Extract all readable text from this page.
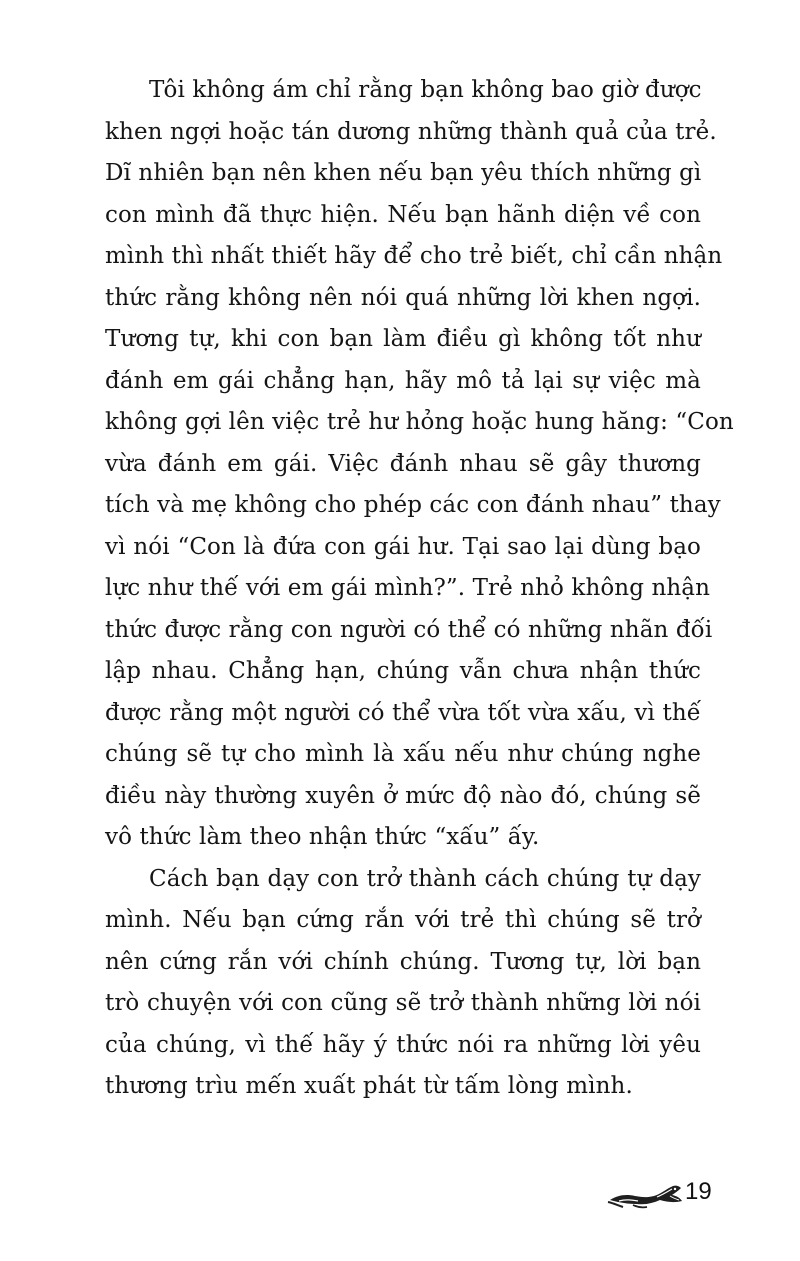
Tôi không ám chỉ rằng bạn không bao giờ được
khen ngợi hoặc tán dương những thành quả của trẻ.
Dĩ nhiên bạn nên khen nếu bạn yêu thích những gì
con mình đã thực hiện. Nếu bạn hãnh diện về con
mình thì nhất thiết hãy để cho trẻ biết, chỉ cần nhận
thức rằng không nên nói quá những lời khen ngợi.
Tương tự, khi con bạn làm điều gì không tốt như
đánh em gái chẳng hạn, hãy mô tả lại sự việc mà
không gợi lên việc trẻ hư hỏng hoặc hung hăng: “Con
vừa đánh em gái. Việc đánh nhau sẽ gây thương
tích và mẹ không cho phép các con đánh nhau” thay
vì nói “Con là đứa con gái hư. Tại sao lại dùng bạo
lực như thế với em gái mình?”. Trẻ nhỏ không nhận
thức được rằng con người có thể có những nhãn đối
lập nhau. Chẳng hạn, chúng vẫn chưa nhận thức
được rằng một người có thể vừa tốt vừa xấu, vì thế
chúng sẽ tự cho mình là xấu nếu như chúng nghe
điều này thường xuyên ở mức độ nào đó, chúng sẽ
vô thức làm theo nhận thức “xấu” ấy.
Cách bạn dạy con trở thành cách chúng tự dạy
mình. Nếu bạn cứng rắn với trẻ thì chúng sẽ trở
nên cứng rắn với chính chúng. Tương tự, lời bạn
trò chuyện với con cũng sẽ trở thành những lời nói
của chúng, vì thế hãy ý thức nói ra những lời yêu
thương trìu mến xuất phát từ tấm lòng mình.
19
